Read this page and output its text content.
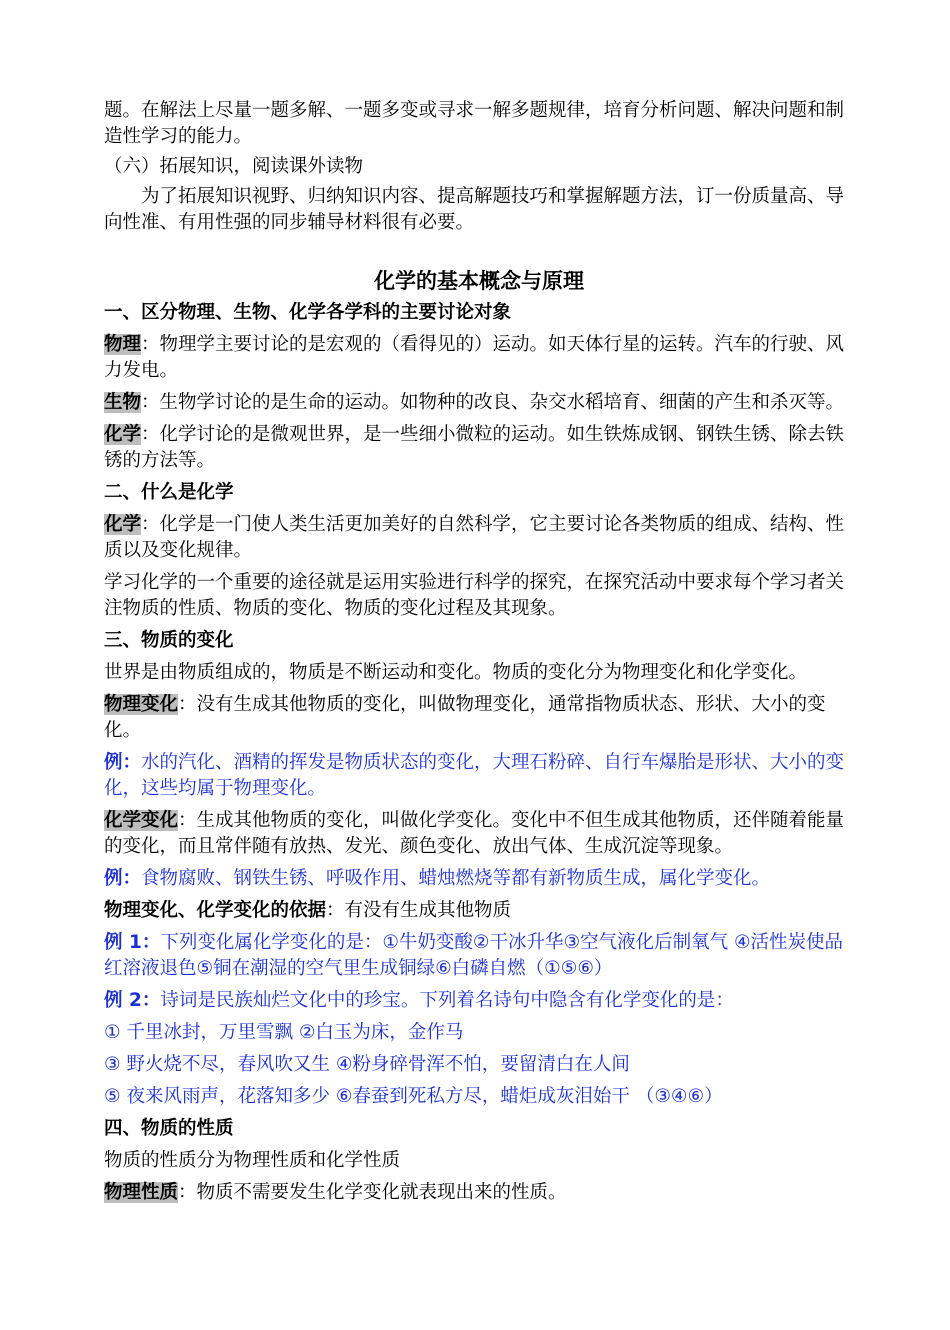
题。在解法上尽量一题多解、一题多变或寻求一解多题规律，培育分析问题、解决问题和制造性学习的能力。

（六）拓展知识，阅读课外读物

为了拓展知识视野、归纳知识内容、提高解题技巧和掌握解题方法，订一份质量高、导向性准、有用性强的同步辅导材料很有必要。

化学的基本概念与原理

一、区分物理、生物、化学各学科的主要讨论对象

物理：物理学主要讨论的是宏观的（看得见的）运动。如天体行星的运转。汽车的行驶、风力发电。

生物：生物学讨论的是生命的运动。如物种的改良、杂交水稻培育、细菌的产生和杀灭等。

化学：化学讨论的是微观世界，是一些细小微粒的运动。如生铁炼成钢、钢铁生锈、除去铁锈的方法等。

二、什么是化学

化学：化学是一门使人类生活更加美好的自然科学，它主要讨论各类物质的组成、结构、性质以及变化规律。

学习化学的一个重要的途径就是运用实验进行科学的探究，在探究活动中要求每个学习者关注物质的性质、物质的变化、物质的变化过程及其现象。

三、物质的变化

世界是由物质组成的，物质是不断运动和变化。物质的变化分为物理变化和化学变化。

物理变化：没有生成其他物质的变化，叫做物理变化，通常指物质状态、形状、大小的变化。

例：水的汽化、酒精的挥发是物质状态的变化，大理石粉碎、自行车爆胎是形状、大小的变化，这些均属于物理变化。

化学变化：生成其他物质的变化，叫做化学变化。变化中不但生成其他物质，还伴随着能量的变化，而且常伴随有放热、发光、颜色变化、放出气体、生成沉淀等现象。

例：食物腐败、钢铁生锈、呼吸作用、蜡烛燃烧等都有新物质生成，属化学变化。

物理变化、化学变化的依据：有没有生成其他物质

例 1：下列变化属化学变化的是：①牛奶变酸②干冰升华③空气液化后制氧气 ④活性炭使品红溶液退色⑤铜在潮湿的空气里生成铜绿⑥白磷自燃（①⑤⑥）

例 2：诗词是民族灿烂文化中的珍宝。下列着名诗句中隐含有化学变化的是：

① 千里冰封，万里雪飘 ②白玉为床，金作马

③ 野火烧不尽，春风吹又生 ④粉身碎骨浑不怕，要留清白在人间

⑤ 夜来风雨声，花落知多少 ⑥春蚕到死私方尽，蜡炬成灰泪始干 （③④⑥）

四、物质的性质

物质的性质分为物理性质和化学性质

物理性质：物质不需要发生化学变化就表现出来的性质。
